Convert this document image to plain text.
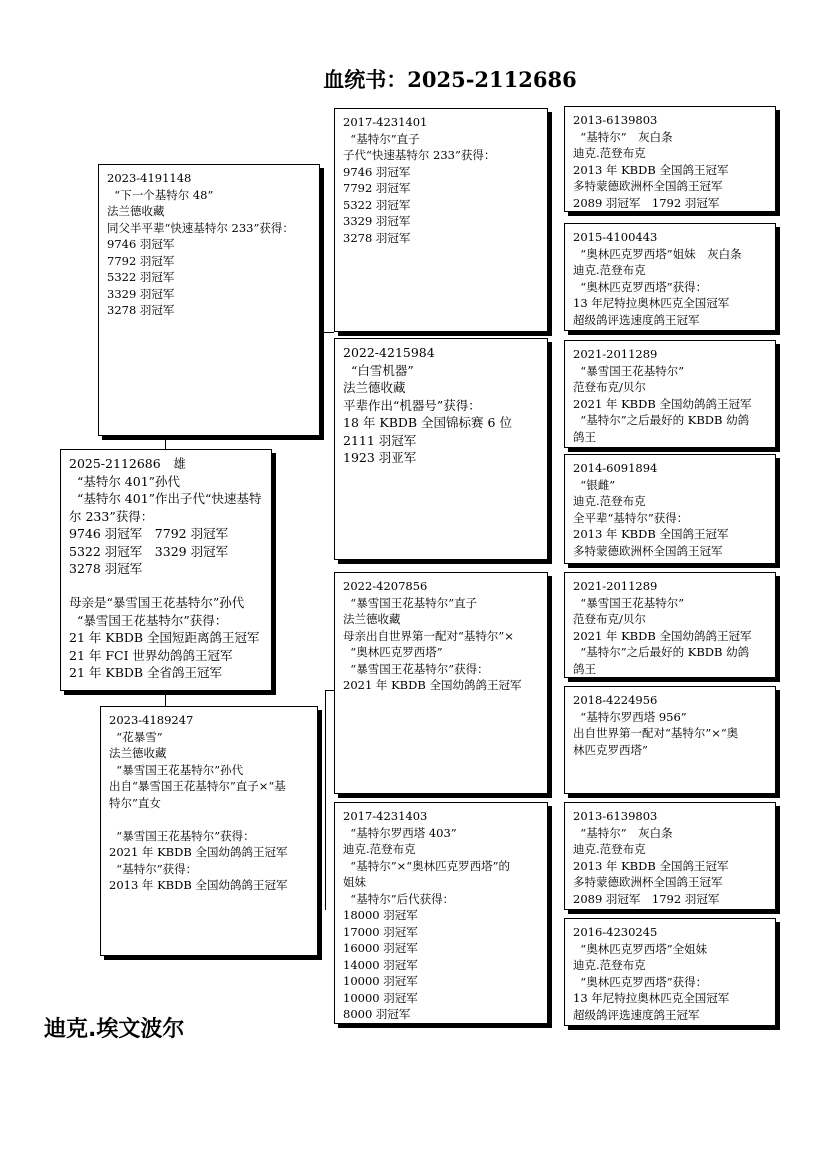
血统书：2025-2112686
2025-2112686　雄
“基特尔 401”孙代
“基特尔 401”作出子代“快速基特
尔 233”获得：
9746 羽冠军　7792 羽冠军
5322 羽冠军　3329 羽冠军
3278 羽冠军
母亲是“暴雪国王花基特尔”孙代
“暴雪国王花基特尔”获得：
21 年 KBDB 全国短距离鸽王冠军
21 年 FCI 世界幼鸽鸽王冠军
21 年 KBDB 全省鸽王冠军
2023-4191148
“下一个基特尔 48”
法兰德收藏
同父半平辈“快速基特尔 233”获得：
9746 羽冠军
7792 羽冠军
5322 羽冠军
3329 羽冠军
3278 羽冠军
2023-4189247
“花暴雪”
法兰德收藏
“暴雪国王花基特尔”孙代
出自“暴雪国王花基特尔”直子×“基
特尔”直女
“暴雪国王花基特尔”获得：
2021 年 KBDB 全国幼鸽鸽王冠军
“基特尔”获得：
2013 年 KBDB 全国幼鸽鸽王冠军
2017-4231401
“基特尔”直子
子代“快速基特尔 233”获得：
9746 羽冠军
7792 羽冠军
5322 羽冠军
3329 羽冠军
3278 羽冠军
2022-4215984
“白雪机器”
法兰德收藏
平辈作出“机器号”获得：
18 年 KBDB 全国锦标赛 6 位
2111 羽冠军
1923 羽亚军
2022-4207856
“暴雪国王花基特尔”直子
法兰德收藏
母亲出自世界第一配对“基特尔”×
“奥林匹克罗西塔”
“暴雪国王花基特尔”获得：
2021 年 KBDB 全国幼鸽鸽王冠军
2017-4231403
“基特尔罗西塔 403”
迪克.范登布克
“基特尔”×“奥林匹克罗西塔”的
姐妹
“基特尔”后代获得：
18000 羽冠军
17000 羽冠军
16000 羽冠军
14000 羽冠军
10000 羽冠军
10000 羽冠军
8000 羽冠军
2013-6139803
“基特尔”　灰白条
迪克.范登布克
2013 年 KBDB 全国鸽王冠军
多特蒙德欧洲杯全国鸽王冠军
2089 羽冠军　1792 羽冠军
2015-4100443
“奥林匹克罗西塔”姐妹　灰白条
迪克.范登布克
“奥林匹克罗西塔”获得：
13 年尼特拉奥林匹克全国冠军
超级鸽评选速度鸽王冠军
2021-2011289
“暴雪国王花基特尔”
范登布克/贝尔
2021 年 KBDB 全国幼鸽鸽王冠军
“基特尔”之后最好的 KBDB 幼鸽
鸽王
2014-6091894
“银雌”
迪克.范登布克
全平辈“基特尔”获得：
2013 年 KBDB 全国鸽王冠军
多特蒙德欧洲杯全国鸽王冠军
2021-2011289
“暴雪国王花基特尔”
范登布克/贝尔
2021 年 KBDB 全国幼鸽鸽王冠军
“基特尔”之后最好的 KBDB 幼鸽
鸽王
2018-4224956
“基特尔罗西塔 956”
出自世界第一配对“基特尔”×“奥
林匹克罗西塔”
2013-6139803
“基特尔”　灰白条
迪克.范登布克
2013 年 KBDB 全国鸽王冠军
多特蒙德欧洲杯全国鸽王冠军
2089 羽冠军　1792 羽冠军
2016-4230245
“奥林匹克罗西塔”全姐妹
迪克.范登布克
“奥林匹克罗西塔”获得：
13 年尼特拉奥林匹克全国冠军
超级鸽评选速度鸽王冠军
迪克.埃文波尔
